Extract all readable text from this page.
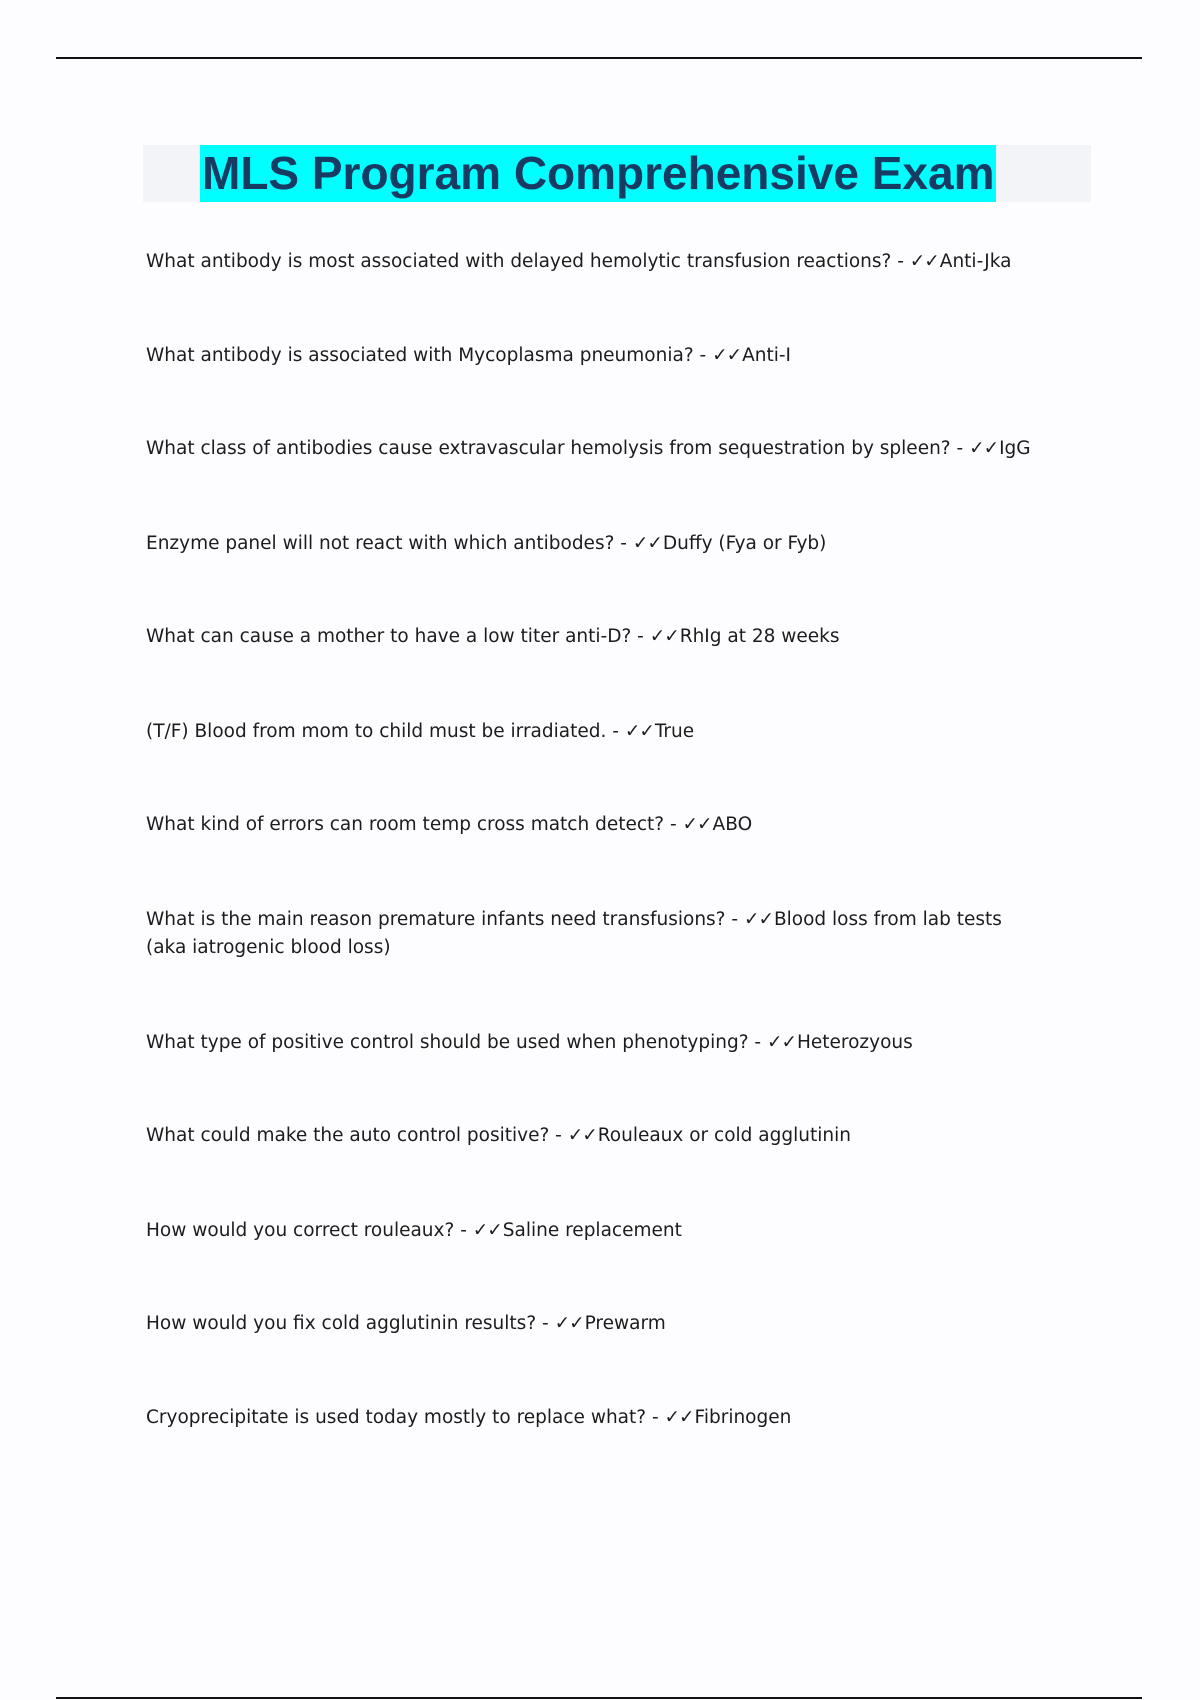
MLS Program Comprehensive Exam
What antibody is most associated with delayed hemolytic transfusion reactions? - ✓✓Anti-Jka
What antibody is associated with Mycoplasma pneumonia? - ✓✓Anti-I
What class of antibodies cause extravascular hemolysis from sequestration by spleen? - ✓✓IgG
Enzyme panel will not react with which antibodes? - ✓✓Duffy (Fya or Fyb)
What can cause a mother to have a low titer anti-D? - ✓✓RhIg at 28 weeks
(T/F) Blood from mom to child must be irradiated. - ✓✓True
What kind of errors can room temp cross match detect? - ✓✓ABO
What is the main reason premature infants need transfusions? - ✓✓Blood loss from lab tests (aka iatrogenic blood loss)
What type of positive control should be used when phenotyping? - ✓✓Heterozyous
What could make the auto control positive? - ✓✓Rouleaux or cold agglutinin
How would you correct rouleaux? - ✓✓Saline replacement
How would you fix cold agglutinin results? - ✓✓Prewarm
Cryoprecipitate is used today mostly to replace what? - ✓✓Fibrinogen
